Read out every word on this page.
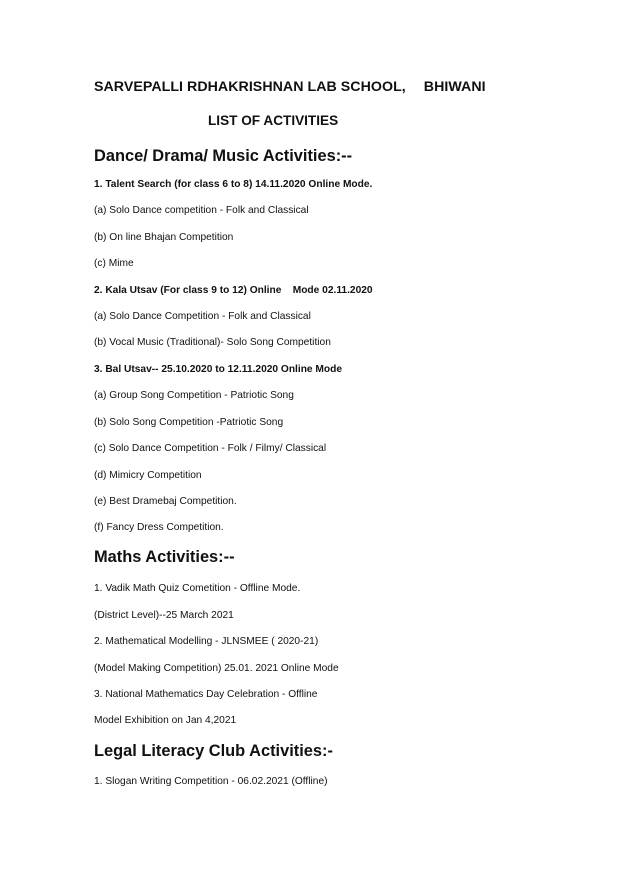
SARVEPALLI RDHAKRISHNAN LAB SCHOOL, BHIWANI
LIST OF ACTIVITIES
Dance/ Drama/ Music Activities:--
1. Talent Search (for class 6 to 8) 14.11.2020 Online Mode.
(a) Solo Dance competition - Folk and Classical
(b) On line Bhajan Competition
(c) Mime
2. Kala Utsav (For class 9 to 12) Online    Mode 02.11.2020
(a) Solo Dance Competition - Folk and Classical
(b) Vocal Music (Traditional)- Solo Song Competition
3. Bal Utsav-- 25.10.2020 to 12.11.2020 Online Mode
(a) Group Song Competition - Patriotic Song
(b) Solo Song Competition -Patriotic Song
(c) Solo Dance Competition - Folk / Filmy/ Classical
(d) Mimicry Competition
(e) Best Dramebaj Competition.
(f) Fancy Dress Competition.
Maths Activities:--
1. Vadik Math Quiz Cometition - Offline Mode.
(District Level)--25 March 2021
2. Mathematical Modelling - JLNSMEE ( 2020-21)
(Model Making Competition) 25.01. 2021 Online Mode
3. National Mathematics Day Celebration - Offline
Model Exhibition on Jan 4,2021
Legal Literacy Club Activities:-
1. Slogan Writing Competition - 06.02.2021 (Offline)
